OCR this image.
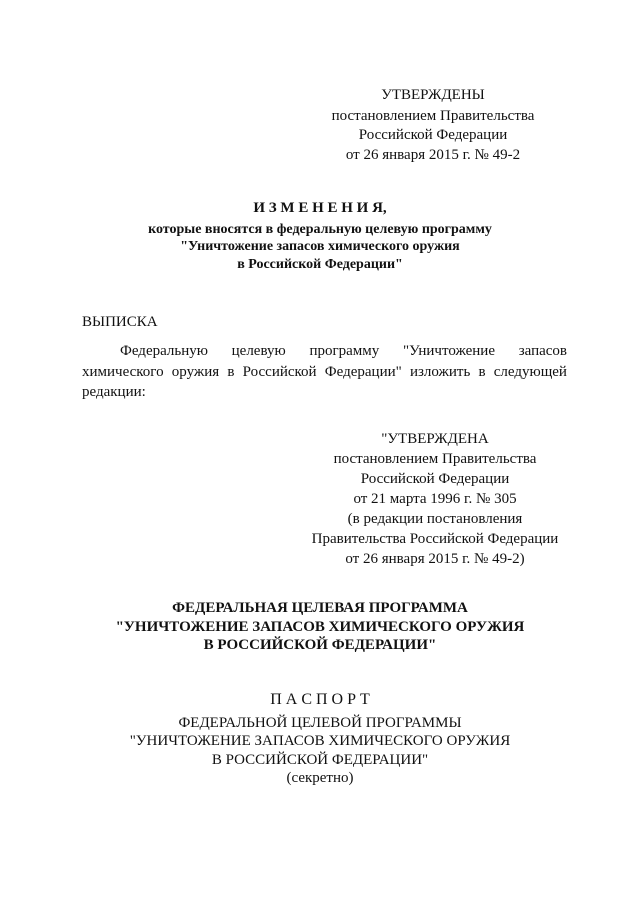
УТВЕРЖДЕНЫ
постановлением Правительства
Российской Федерации
от 26 января 2015 г. № 49-2
И З М Е Н Е Н И Я,
которые вносятся в федеральную целевую программу
"Уничтожение запасов химического оружия
в Российской Федерации"
ВЫПИСКА
Федеральную целевую программу "Уничтожение запасов
химического оружия в Российской Федерации" изложить в следующей
редакции:
"УТВЕРЖДЕНА
постановлением Правительства
Российской Федерации
от 21 марта 1996 г. № 305
(в редакции постановления
Правительства Российской Федерации
от 26 января 2015 г. № 49-2)
ФЕДЕРАЛЬНАЯ ЦЕЛЕВАЯ ПРОГРАММА
"УНИЧТОЖЕНИЕ ЗАПАСОВ ХИМИЧЕСКОГО ОРУЖИЯ
В РОССИЙСКОЙ ФЕДЕРАЦИИ"
П А С П О Р Т
ФЕДЕРАЛЬНОЙ ЦЕЛЕВОЙ ПРОГРАММЫ
"УНИЧТОЖЕНИЕ ЗАПАСОВ ХИМИЧЕСКОГО ОРУЖИЯ
В РОССИЙСКОЙ ФЕДЕРАЦИИ"
(секретно)
